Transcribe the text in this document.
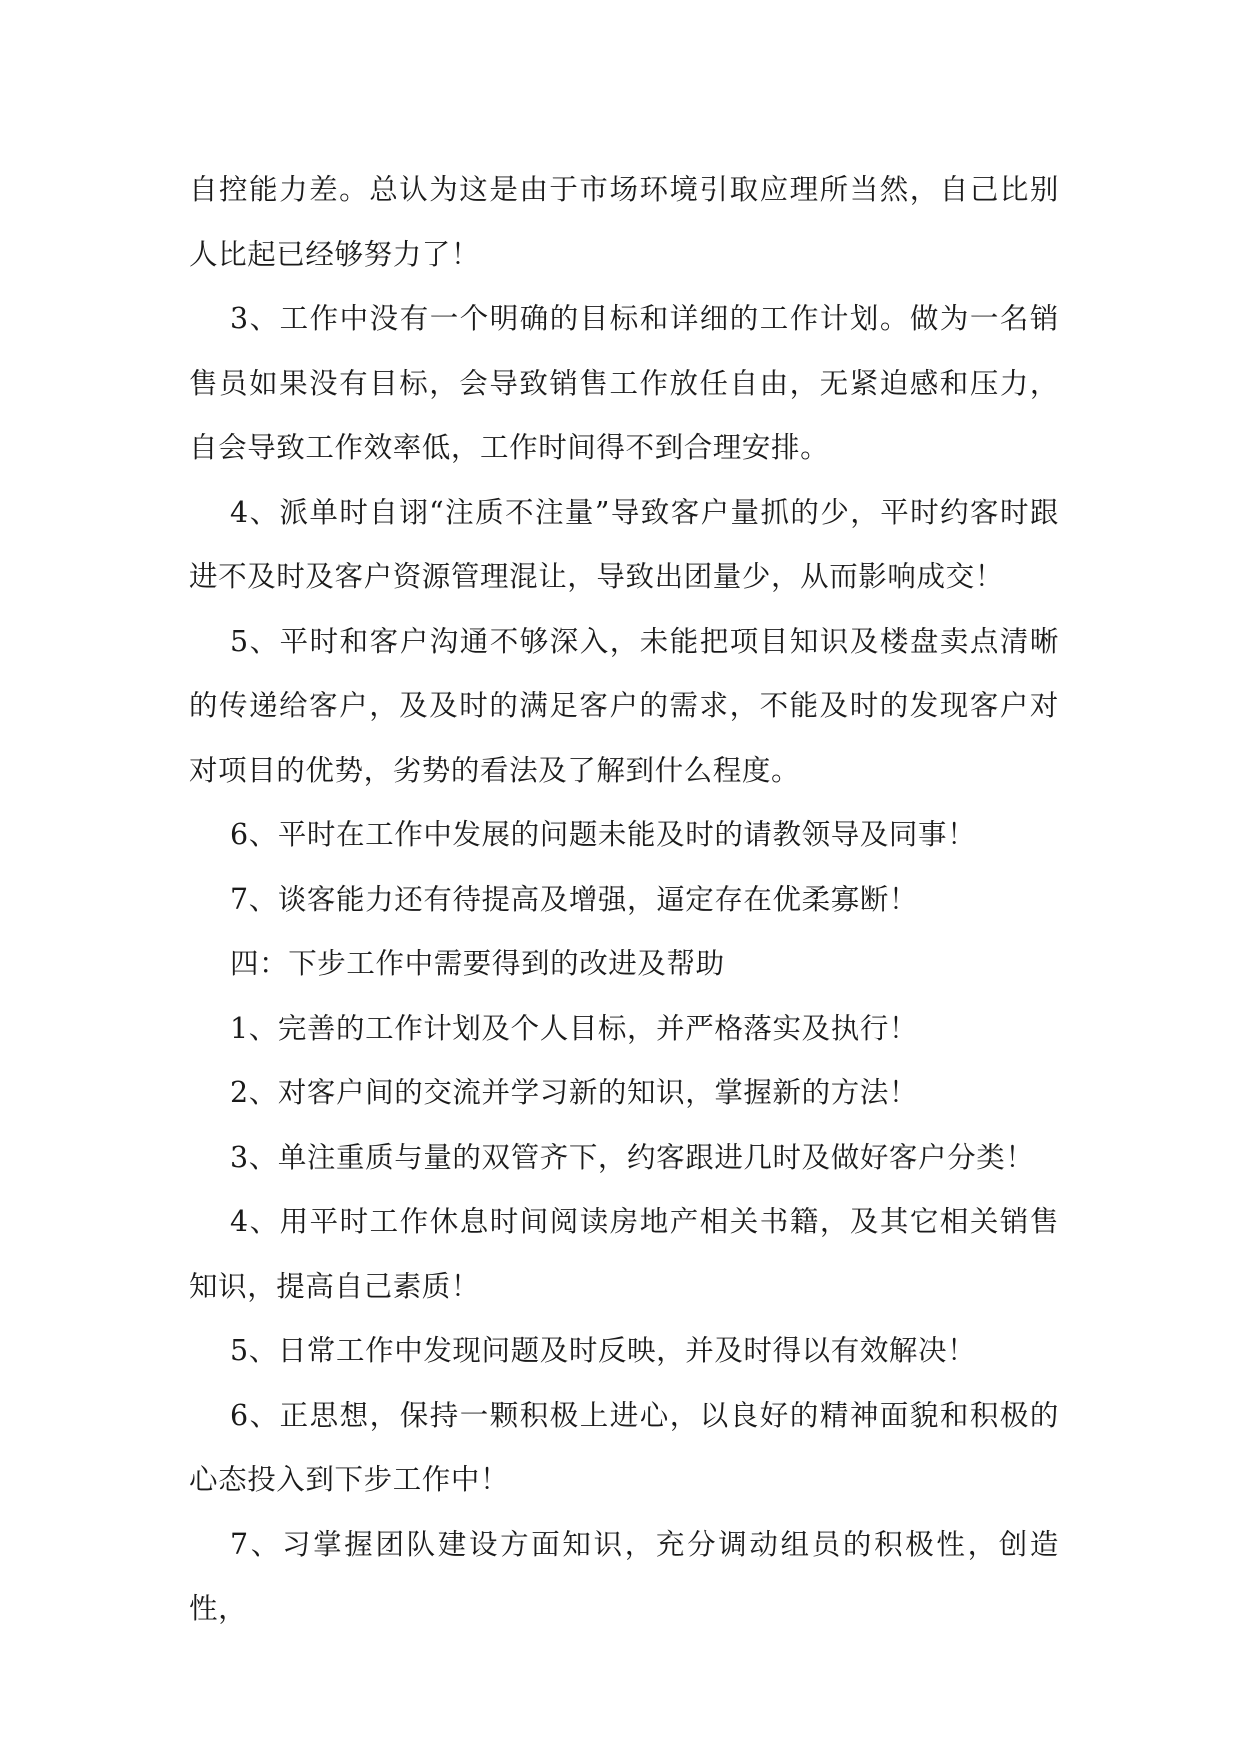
自控能力差。总认为这是由于市场环境引取应理所当然，自己比别人比起已经够努力了！

3、工作中没有一个明确的目标和详细的工作计划。做为一名销售员如果没有目标，会导致销售工作放任自由，无紧迫感和压力，自会导致工作效率低，工作时间得不到合理安排。

4、派单时自诩“注质不注量”导致客户量抓的少，平时约客时跟进不及时及客户资源管理混让，导致出团量少，从而影响成交！

5、平时和客户沟通不够深入，未能把项目知识及楼盘卖点清晰的传递给客户，及及时的满足客户的需求，不能及时的发现客户对对项目的优势，劣势的看法及了解到什么程度。

6、平时在工作中发展的问题未能及时的请教领导及同事！

7、谈客能力还有待提高及增强，逼定存在优柔寡断！

四：下步工作中需要得到的改进及帮助

1、完善的工作计划及个人目标，并严格落实及执行！

2、对客户间的交流并学习新的知识，掌握新的方法！

3、单注重质与量的双管齐下，约客跟进几时及做好客户分类！

4、用平时工作休息时间阅读房地产相关书籍，及其它相关销售知识，提高自己素质！

5、日常工作中发现问题及时反映，并及时得以有效解决！

6、正思想，保持一颗积极上进心，以良好的精神面貌和积极的心态投入到下步工作中！

7、习掌握团队建设方面知识，充分调动组员的积极性，创造性，
